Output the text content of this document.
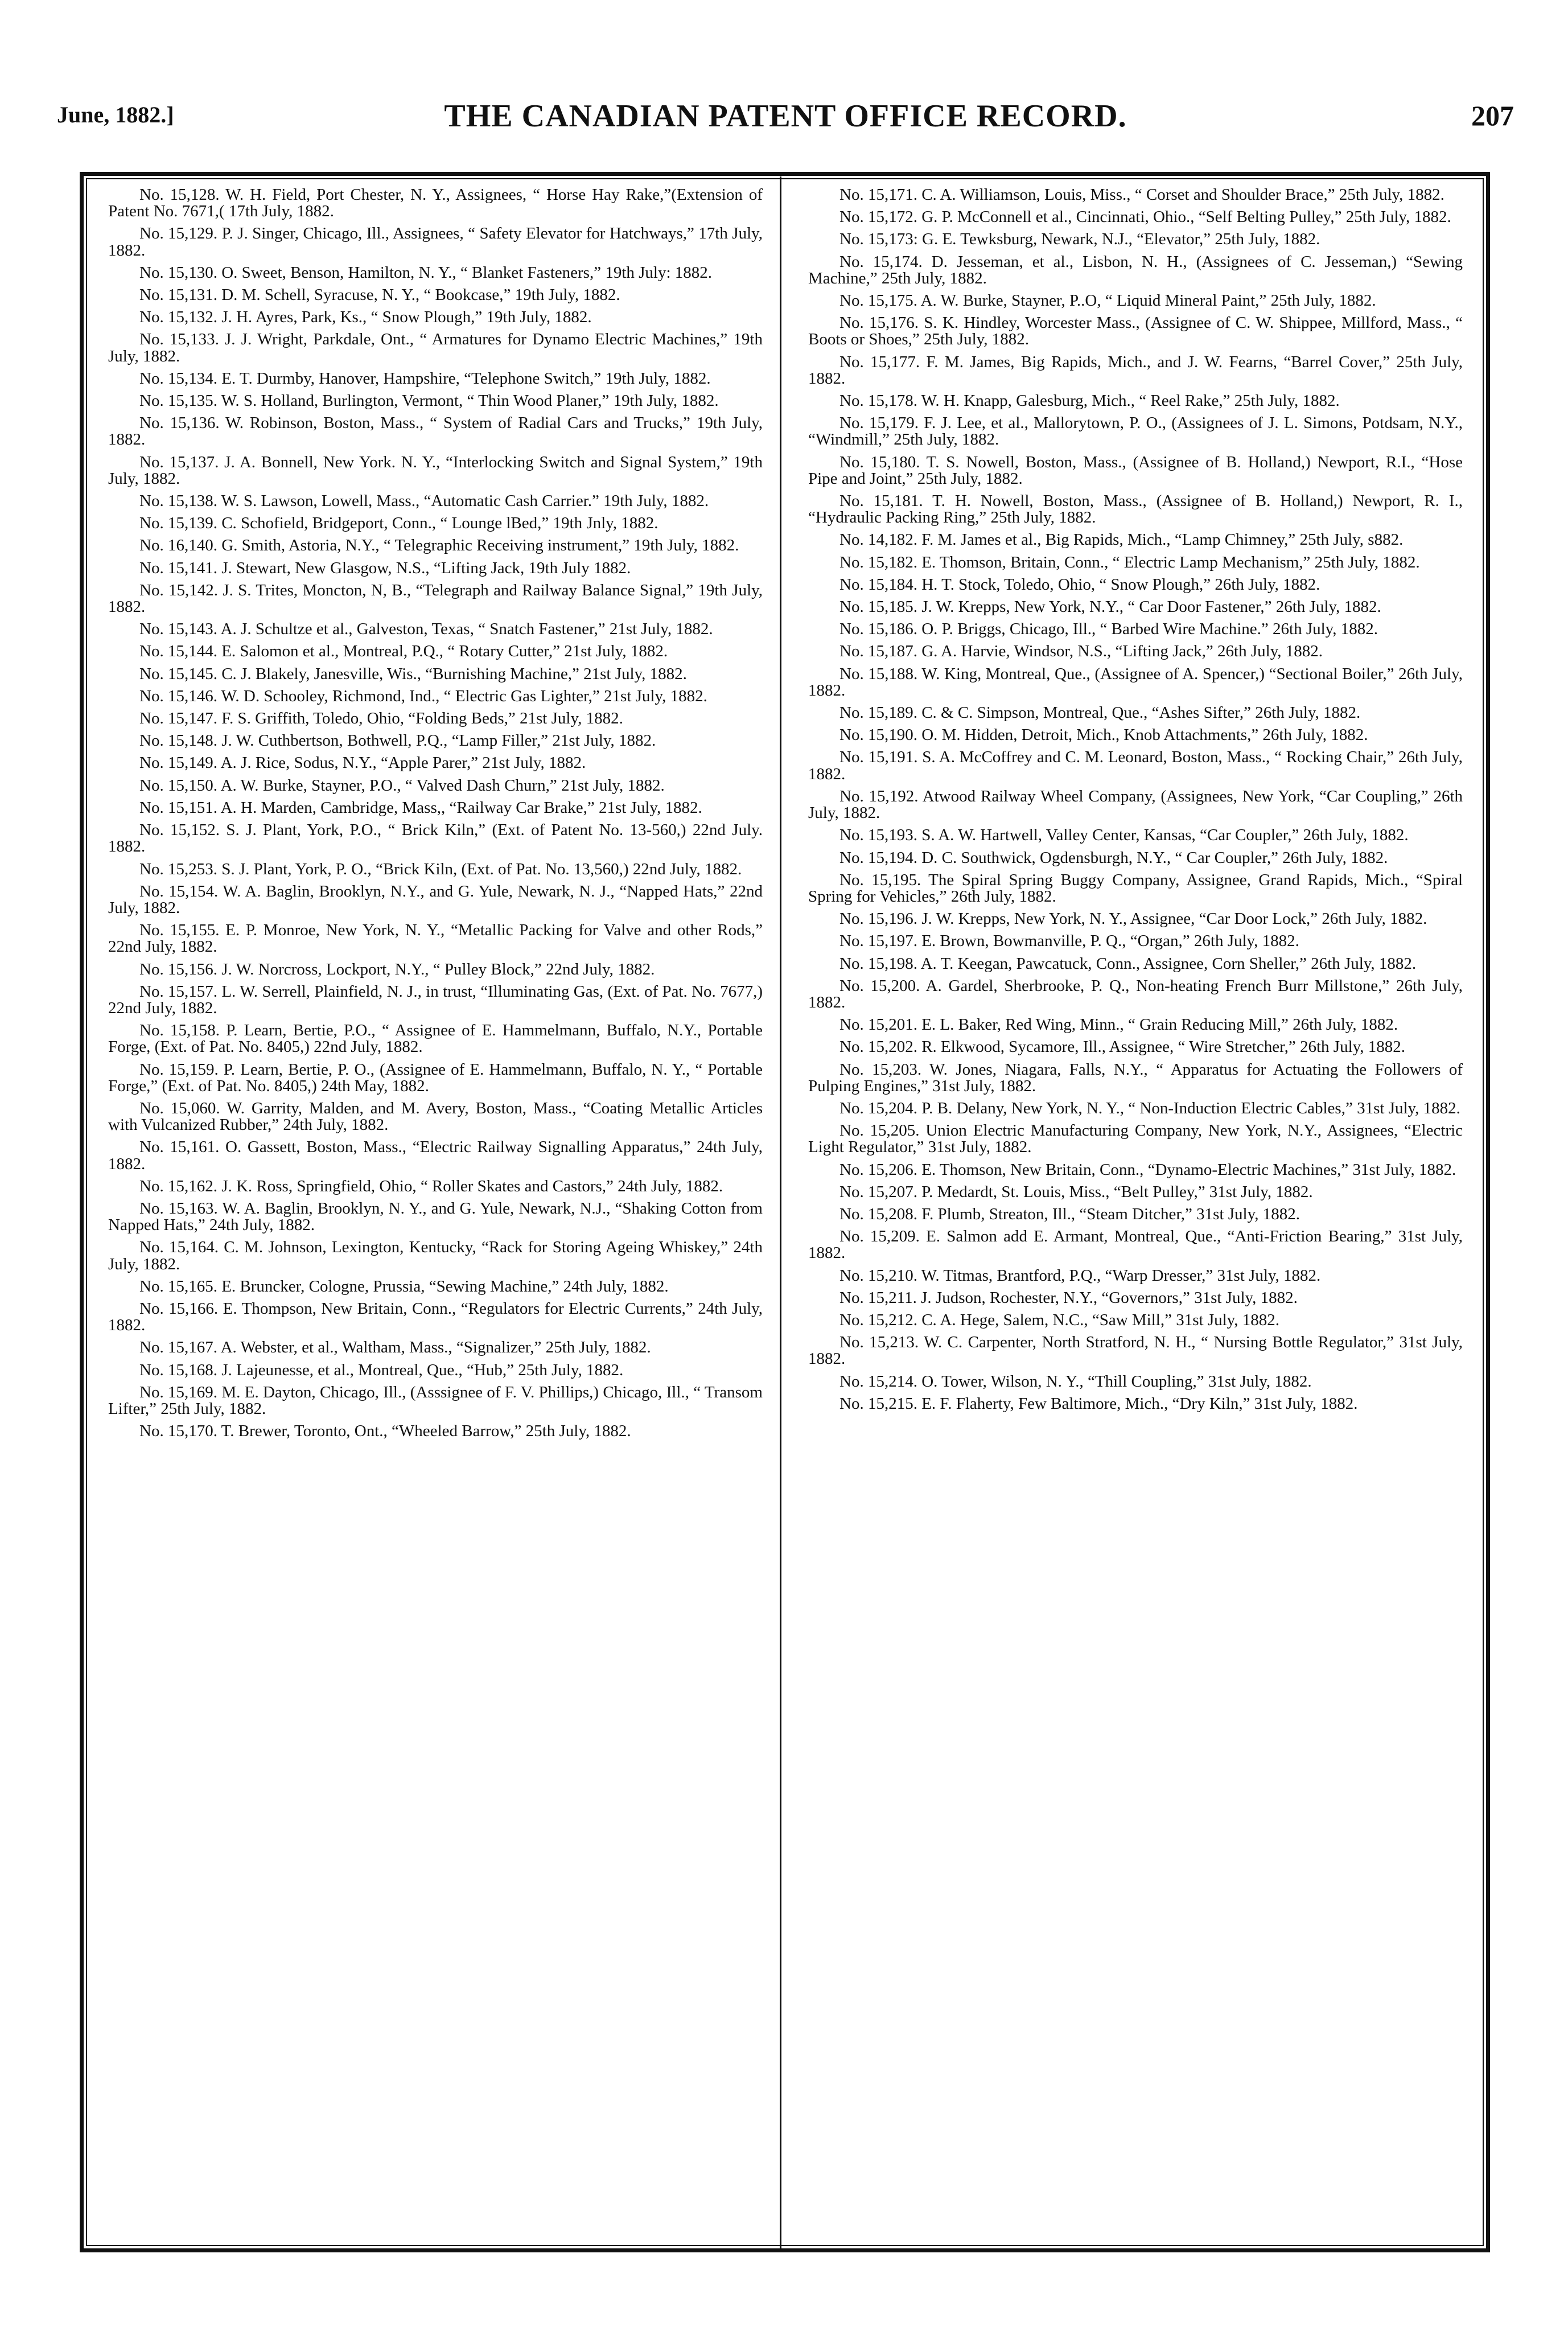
June, 1882.]	THE CANADIAN PATENT OFFICE RECORD.	207

No. 15,128. W. H. Field, Port Chester, N. Y., Assignees, “ Horse Hay Rake,”(Extension of Patent No. 7671,( 17th July, 1882.

No. 15,129. P. J. Singer, Chicago, Ill., Assignees, “ Safety Elevator for Hatchways,” 17th July, 1882.

No. 15,130. O. Sweet, Benson, Hamilton, N. Y., “ Blanket Fasteners,” 19th July: 1882.

No. 15,131. D. M. Schell, Syracuse, N. Y., “ Bookcase,” 19th July, 1882.

No. 15,132. J. H. Ayres, Park, Ks., “ Snow Plough,” 19th July, 1882.

No. 15,133. J. J. Wright, Parkdale, Ont., “ Armatures for Dynamo Electric Machines,” 19th July, 1882.

No. 15,134. E. T. Durmby, Hanover, Hampshire, “Telephone Switch,” 19th July, 1882.

No. 15,135. W. S. Holland, Burlington, Vermont, “ Thin Wood Planer,” 19th July, 1882.

No. 15,136. W. Robinson, Boston, Mass., “ System of Radial Cars and Trucks,” 19th July, 1882.

No. 15,137. J. A. Bonnell, New York. N. Y., “Interlocking Switch and Signal System,” 19th July, 1882.

No. 15,138. W. S. Lawson, Lowell, Mass., “Automatic Cash Carrier.” 19th July, 1882.

No. 15,139. C. Schofield, Bridgeport, Conn., “ Lounge lBed,” 19th Jnly, 1882.

No. 16,140. G. Smith, Astoria, N.Y., “ Telegraphic Receiving instrument,” 19th July, 1882.

No. 15,141. J. Stewart, New Glasgow, N.S., “Lifting Jack, 19th July 1882.

No. 15,142. J. S. Trites, Moncton, N, B., “Telegraph and Railway Balance Signal,” 19th July, 1882.

No. 15,143. A. J. Schultze et al., Galveston, Texas, “ Snatch Fastener,” 21st July, 1882.

No. 15,144. E. Salomon et al., Montreal, P.Q., “ Rotary Cutter,” 21st July, 1882.

No. 15,145. C. J. Blakely, Janesville, Wis., “Burnishing Machine,” 21st July, 1882.

No. 15,146. W. D. Schooley, Richmond, Ind., “ Electric Gas Lighter,” 21st July, 1882.

No. 15,147. F. S. Griffith, Toledo, Ohio, “Folding Beds,” 21st July, 1882.

No. 15,148. J. W. Cuthbertson, Bothwell, P.Q., “Lamp Filler,” 21st July, 1882.

No. 15,149. A. J. Rice, Sodus, N.Y., “Apple Parer,” 21st July, 1882.

No. 15,150. A. W. Burke, Stayner, P.O., “ Valved Dash Churn,” 21st July, 1882.

No. 15,151. A. H. Marden, Cambridge, Mass,, “Railway Car Brake,” 21st July, 1882.

No. 15,152. S. J. Plant, York, P.O., “ Brick Kiln,” (Ext. of Patent No. 13-560,) 22nd July. 1882.

No. 15,253. S. J. Plant, York, P. O., “Brick Kiln, (Ext. of Pat. No. 13,560,) 22nd July, 1882.

No. 15,154. W. A. Baglin, Brooklyn, N.Y., and G. Yule, Newark, N. J., “Napped Hats,” 22nd July, 1882.

No. 15,155. E. P. Monroe, New York, N. Y., “Metallic Packing for Valve and other Rods,” 22nd July, 1882.

No. 15,156. J. W. Norcross, Lockport, N.Y., “ Pulley Block,” 22nd July, 1882.

No. 15,157. L. W. Serrell, Plainfield, N. J., in trust, “Illuminating Gas, (Ext. of Pat. No. 7677,) 22nd July, 1882.

No. 15,158. P. Learn, Bertie, P.O., “ Assignee of E. Hammelmann, Buffalo, N.Y., Portable Forge, (Ext. of Pat. No. 8405,) 22nd July, 1882.

No. 15,159. P. Learn, Bertie, P. O., (Assignee of E. Hammelmann, Buffalo, N. Y., “ Portable Forge,” (Ext. of Pat. No. 8405,) 24th May, 1882.

No. 15,060. W. Garrity, Malden, and M. Avery, Boston, Mass., “Coating Metallic Articles with Vulcanized Rubber,” 24th July, 1882.

No. 15,161. O. Gassett, Boston, Mass., “Electric Railway Signalling Apparatus,” 24th July, 1882.

No. 15,162. J. K. Ross, Springfield, Ohio, “ Roller Skates and Castors,” 24th July, 1882.

No. 15,163. W. A. Baglin, Brooklyn, N. Y., and G. Yule, Newark, N.J., “Shaking Cotton from Napped Hats,” 24th July, 1882.

No. 15,164. C. M. Johnson, Lexington, Kentucky, “Rack for Storing Ageing Whiskey,” 24th July, 1882.

No. 15,165. E. Bruncker, Cologne, Prussia, “Sewing Machine,” 24th July, 1882.

No. 15,166. E. Thompson, New Britain, Conn., “Regulators for Electric Currents,” 24th July, 1882.

No. 15,167. A. Webster, et al., Waltham, Mass., “Signalizer,” 25th July, 1882.

No. 15,168. J. Lajeunesse, et al., Montreal, Que., “Hub,” 25th July, 1882.

No. 15,169. M. E. Dayton, Chicago, Ill., (Asssignee of F. V. Phillips,) Chicago, Ill., “ Transom Lifter,” 25th July, 1882.

No. 15,170. T. Brewer, Toronto, Ont., “Wheeled Barrow,” 25th July, 1882.

No. 15,171. C. A. Williamson, Louis, Miss., “ Corset and Shoulder Brace,” 25th July, 1882.

No. 15,172. G. P. McConnell et al., Cincinnati, Ohio., “Self Belting Pulley,” 25th July, 1882.

No. 15,173: G. E. Tewksburg, Newark, N.J., “Elevator,” 25th July, 1882.

No. 15,174. D. Jesseman, et al., Lisbon, N. H., (Assignees of C. Jesseman,) “Sewing Machine,” 25th July, 1882.

No. 15,175. A. W. Burke, Stayner, P..O, “ Liquid Mineral Paint,” 25th July, 1882.

No. 15,176. S. K. Hindley, Worcester Mass., (Assignee of C. W. Shippee, Millford, Mass., “ Boots or Shoes,” 25th July, 1882.

No. 15,177. F. M. James, Big Rapids, Mich., and J. W. Fearns, “Barrel Cover,” 25th July, 1882.

No. 15,178. W. H. Knapp, Galesburg, Mich., “ Reel Rake,” 25th July, 1882.

No. 15,179. F. J. Lee, et al., Mallorytown, P. O., (Assignees of J. L. Simons, Potdsam, N.Y., “Windmill,” 25th July, 1882.

No. 15,180. T. S. Nowell, Boston, Mass., (Assignee of B. Holland,) Newport, R.I., “Hose Pipe and Joint,” 25th July, 1882.

No. 15,181. T. H. Nowell, Boston, Mass., (Assignee of B. Holland,) Newport, R. I., “Hydraulic Packing Ring,” 25th July, 1882.

No. 14,182. F. M. James et al., Big Rapids, Mich., “Lamp Chimney,” 25th July, s882.

No. 15,182. E. Thomson, Britain, Conn., “ Electric Lamp Mechanism,” 25th July, 1882.

No. 15,184. H. T. Stock, Toledo, Ohio, “ Snow Plough,” 26th July, 1882.

No. 15,185. J. W. Krepps, New York, N.Y., “ Car Door Fastener,” 26th July, 1882.

No. 15,186. O. P. Briggs, Chicago, Ill., “ Barbed Wire Machine.” 26th July, 1882.

No. 15,187. G. A. Harvie, Windsor, N.S., “Lifting Jack,” 26th July, 1882.

No. 15,188. W. King, Montreal, Que., (Assignee of A. Spencer,) “Sectional Boiler,” 26th July, 1882.

No. 15,189. C. & C. Simpson, Montreal, Que., “Ashes Sifter,” 26th July, 1882.

No. 15,190. O. M. Hidden, Detroit, Mich., Knob Attachments,” 26th July, 1882.

No. 15,191. S. A. McCoffrey and C. M. Leonard, Boston, Mass., “ Rocking Chair,” 26th July, 1882.

No. 15,192. Atwood Railway Wheel Company, (Assignees, New York, “Car Coupling,” 26th July, 1882.

No. 15,193. S. A. W. Hartwell, Valley Center, Kansas, “Car Coupler,” 26th July, 1882.

No. 15,194. D. C. Southwick, Ogdensburgh, N.Y., “ Car Coupler,” 26th July, 1882.

No. 15,195. The Spiral Spring Buggy Company, Assignee, Grand Rapids, Mich., “Spiral Spring for Vehicles,” 26th July, 1882.

No. 15,196. J. W. Krepps, New York, N. Y., Assignee, “Car Door Lock,” 26th July, 1882.

No. 15,197. E. Brown, Bowmanville, P. Q., “Organ,” 26th July, 1882.

No. 15,198. A. T. Keegan, Pawcatuck, Conn., Assignee, Corn Sheller,” 26th July, 1882.

No. 15,200. A. Gardel, Sherbrooke, P. Q., Non-heating French Burr Millstone,” 26th July, 1882.

No. 15,201. E. L. Baker, Red Wing, Minn., “ Grain Reducing Mill,” 26th July, 1882.

No. 15,202. R. Elkwood, Sycamore, Ill., Assignee, “ Wire Stretcher,” 26th July, 1882.

No. 15,203. W. Jones, Niagara, Falls, N.Y., “ Apparatus for Actuating the Followers of Pulping Engines,” 31st July, 1882.

No. 15,204. P. B. Delany, New York, N. Y., “ Non-Induction Electric Cables,” 31st July, 1882.

No. 15,205. Union Electric Manufacturing Company, New York, N.Y., Assignees, “Electric Light Regulator,” 31st July, 1882.

No. 15,206. E. Thomson, New Britain, Conn., “Dynamo-Electric Machines,” 31st July, 1882.

No. 15,207. P. Medardt, St. Louis, Miss., “Belt Pulley,” 31st July, 1882.

No. 15,208. F. Plumb, Streaton, Ill., “Steam Ditcher,” 31st July, 1882.

No. 15,209. E. Salmon add E. Armant, Montreal, Que., “Anti-Friction Bearing,” 31st July, 1882.

No. 15,210. W. Titmas, Brantford, P.Q., “Warp Dresser,” 31st July, 1882.

No. 15,211. J. Judson, Rochester, N.Y., “Governors,” 31st July, 1882.

No. 15,212. C. A. Hege, Salem, N.C., “Saw Mill,” 31st July, 1882.

No. 15,213. W. C. Carpenter, North Stratford, N. H., “ Nursing Bottle Regulator,” 31st July, 1882.

No. 15,214. O. Tower, Wilson, N. Y., “Thill Coupling,” 31st July, 1882.

No. 15,215. E. F. Flaherty, Few Baltimore, Mich., “Dry Kiln,” 31st July, 1882.
